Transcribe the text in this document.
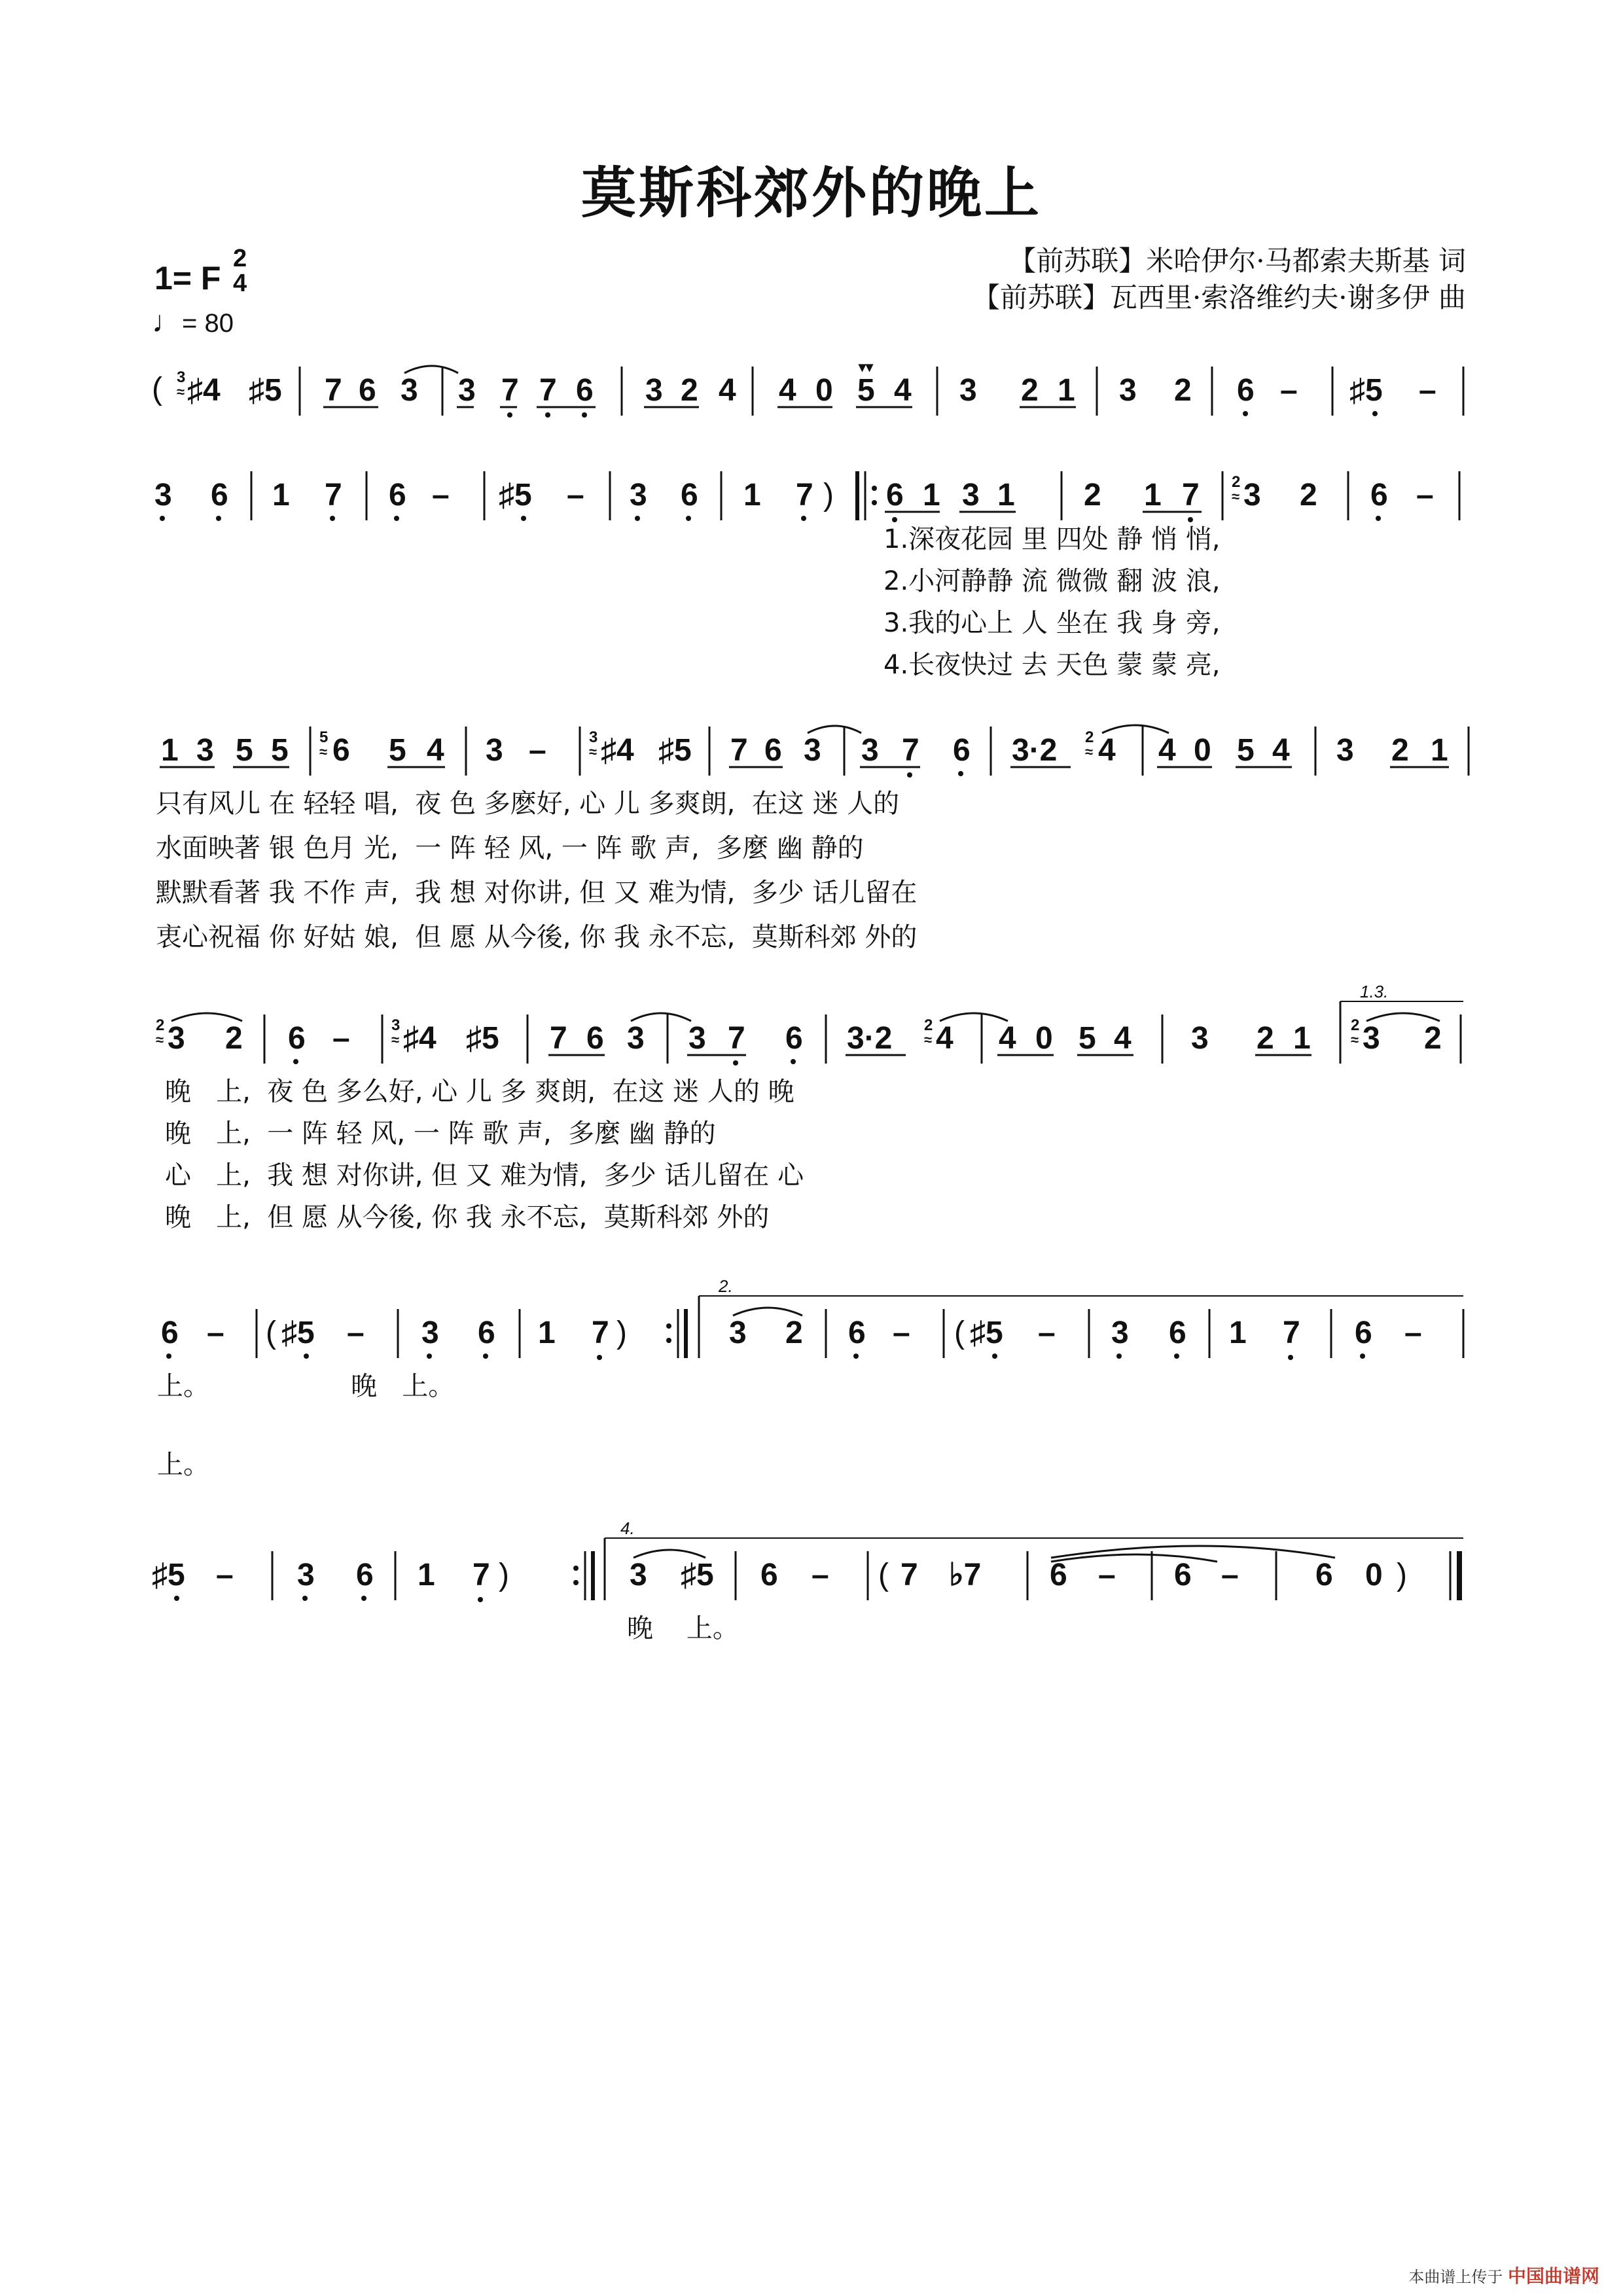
莫斯科郊外的晚上
【前苏联】米哈伊尔·马都索夫斯基 词
【前苏联】瓦西里·索洛维约夫·谢多伊 曲
1= F
2
4
♩= 80
( 3
≈ ♯4 ♯5 7 6 3 3 7 7 6 3 2 4 4 0 5 4
▾▾
3 2 1 3 2 6 – ♯5 –
3 6 1 7 6 – ♯5 – 3 6 1 7 ) 6 1 3 1 2 1 7 2
≈ 3 2 6 –
1.深夜花园 里 四处 静 悄 悄,
2.小河静静 流 微微 翻 波 浪,
3.我的心上 人 坐在 我 身 旁,
4.长夜快过 去 天色 蒙 蒙 亮,
1 3 5 5 5
≈ 6 5 4 3 –	3
≈ ♯4 ♯5 7 6 3 3 7 6 3·2 2
≈ 4 4 0 5 4 3 2 1
只有风儿 在 轻轻 唱,  夜 色 多麽好, 心 儿 多爽朗,  在这 迷 人的
水面映著 银 色月 光,  一 阵 轻 风, 一 阵 歌 声,  多麼 幽 静的
默默看著 我 不作 声,  我 想 对你讲, 但 又 难为情,  多少 话儿留在
衷心祝福 你 好姑 娘,  但 愿 从今後, 你 我 永不忘,  莫斯科郊 外的
2
≈ 3 2 6 –	3
≈ ♯4 ♯5 7 6 3 3 7 6 3·2 2
≈ 4 4 0 5 4 3 2 1
1.3.
2
≈ 3 2
晚   上,  夜 色 多么好, 心 儿 多 爽朗,  在这 迷 人的 晚
晚   上,  一 阵 轻 风, 一 阵 歌 声,  多麼 幽 静的
心   上,  我 想 对你讲, 但 又 难为情,  多少 话儿留在 心
晚   上,  但 愿 从今後, 你 我 永不忘,  莫斯科郊 外的
6 – ( ♯5 – 3 6 1 7 )
2.
3 2 6 – ( ♯5 – 3 6 1 7 6 –
上。                 晚   上。
上。
♯5 – 3 6 1 7 )
4.
3 ♯5 6 – ( 7 ♭7 6 – 6 – 6 0 )
晚    上。
本曲谱上传于 中国曲谱网
